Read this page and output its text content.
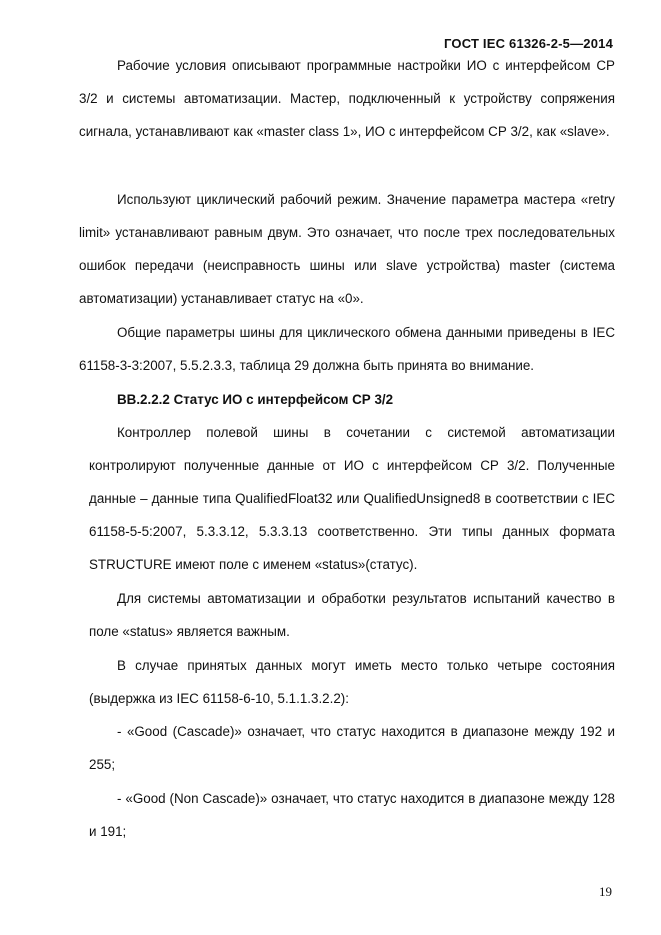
ГОСТ IEC 61326-2-5—2014

Рабочие условия описывают программные настройки ИО с интерфейсом СР 3/2 и системы автоматизации. Мастер, подключенный к устройству сопряжения сигнала, устанавливают как «master class 1», ИО с интерфейсом СР 3/2, как «slave».

Используют циклический рабочий режим. Значение параметра мастера «retry limit» устанавливают равным двум. Это означает, что после трех последовательных ошибок передачи (неисправность шины или slave устройства) master (система автоматизации) устанавливает статус на «0».

Общие параметры шины для циклического обмена данными приведены в IEC 61158-3-3:2007, 5.5.2.3.3, таблица 29 должна быть принята во внимание.

ВВ.2.2.2 Статус ИО с интерфейсом СР 3/2

Контроллер полевой шины в сочетании с системой автоматизации контролируют полученные данные от ИО с интерфейсом СР 3/2. Полученные данные – данные типа QualifiedFloat32 или QualifiedUnsigned8 в соответствии с IEC 61158-5-5:2007, 5.3.3.12, 5.3.3.13 соответственно. Эти типы данных формата STRUCTURE имеют поле с именем «status»(статус).

Для системы автоматизации и обработки результатов испытаний качество в поле «status» является важным.

В случае принятых данных могут иметь место только четыре состояния (выдержка из IEC 61158-6-10, 5.1.1.3.2.2):

- «Good (Cascade)» означает, что статус находится в диапазоне между 192 и 255;

- «Good (Non Cascade)» означает, что статус находится в диапазоне между 128 и 191;

19
